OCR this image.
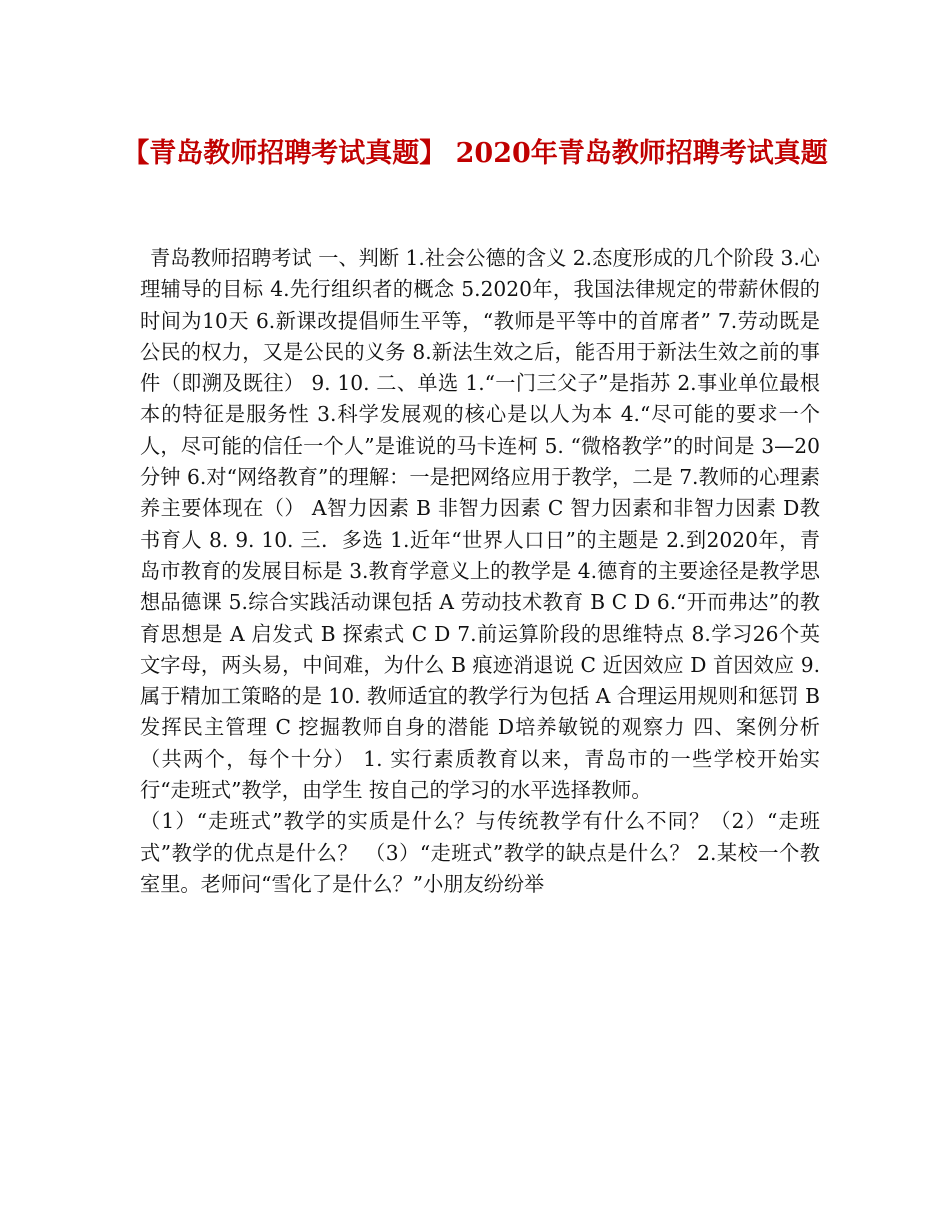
【青岛教师招聘考试真题】 2020年青岛教师招聘考试真题

青岛教师招聘考试 一、判断 1.社会公德的含义 2.态度形成的几个阶段 3.心理辅导的目标 4.先行组织者的概念 5.2020年，我国法律规定的带薪休假的时间为10天 6.新课改提倡师生平等，“教师是平等中的首席者” 7.劳动既是公民的权力，又是公民的义务 8.新法生效之后，能否用于新法生效之前的事件（即溯及既往） 9. 10. 二、单选 1.“一门三父子”是指苏 2.事业单位最根本的特征是服务性 3.科学发展观的核心是以人为本 4.“尽可能的要求一个人，尽可能的信任一个人”是谁说的马卡连柯 5. “微格教学”的时间是 3—20分钟 6.对“网络教育”的理解：一是把网络应用于教学，二是 7.教师的心理素养主要体现在（） A智力因素 B 非智力因素 C 智力因素和非智力因素 D教书育人 8. 9. 10. 三．多选 1.近年“世界人口日”的主题是 2.到2020年，青岛市教育的发展目标是 3.教育学意义上的教学是 4.德育的主要途径是教学思想品德课 5.综合实践活动课包括 A 劳动技术教育 B C D 6.“开而弗达”的教育思想是 A 启发式 B 探索式 C D 7.前运算阶段的思维特点 8.学习26个英文字母，两头易，中间难，为什么 B 痕迹消退说 C 近因效应 D 首因效应 9.属于精加工策略的是 10. 教师适宜的教学行为包括 A 合理运用规则和惩罚 B 发挥民主管理 C 挖掘教师自身的潜能 D培养敏锐的观察力 四、案例分析（共两个，每个十分） 1. 实行素质教育以来，青岛市的一些学校开始实行“走班式”教学，由学生 按自己的学习的水平选择教师。

（1）“走班式”教学的实质是什么？与传统教学有什么不同？（2）“走班式”教学的优点是什么？ （3）“走班式”教学的缺点是什么？ 2.某校一个教室里。老师问“雪化了是什么？”小朋友纷纷举
